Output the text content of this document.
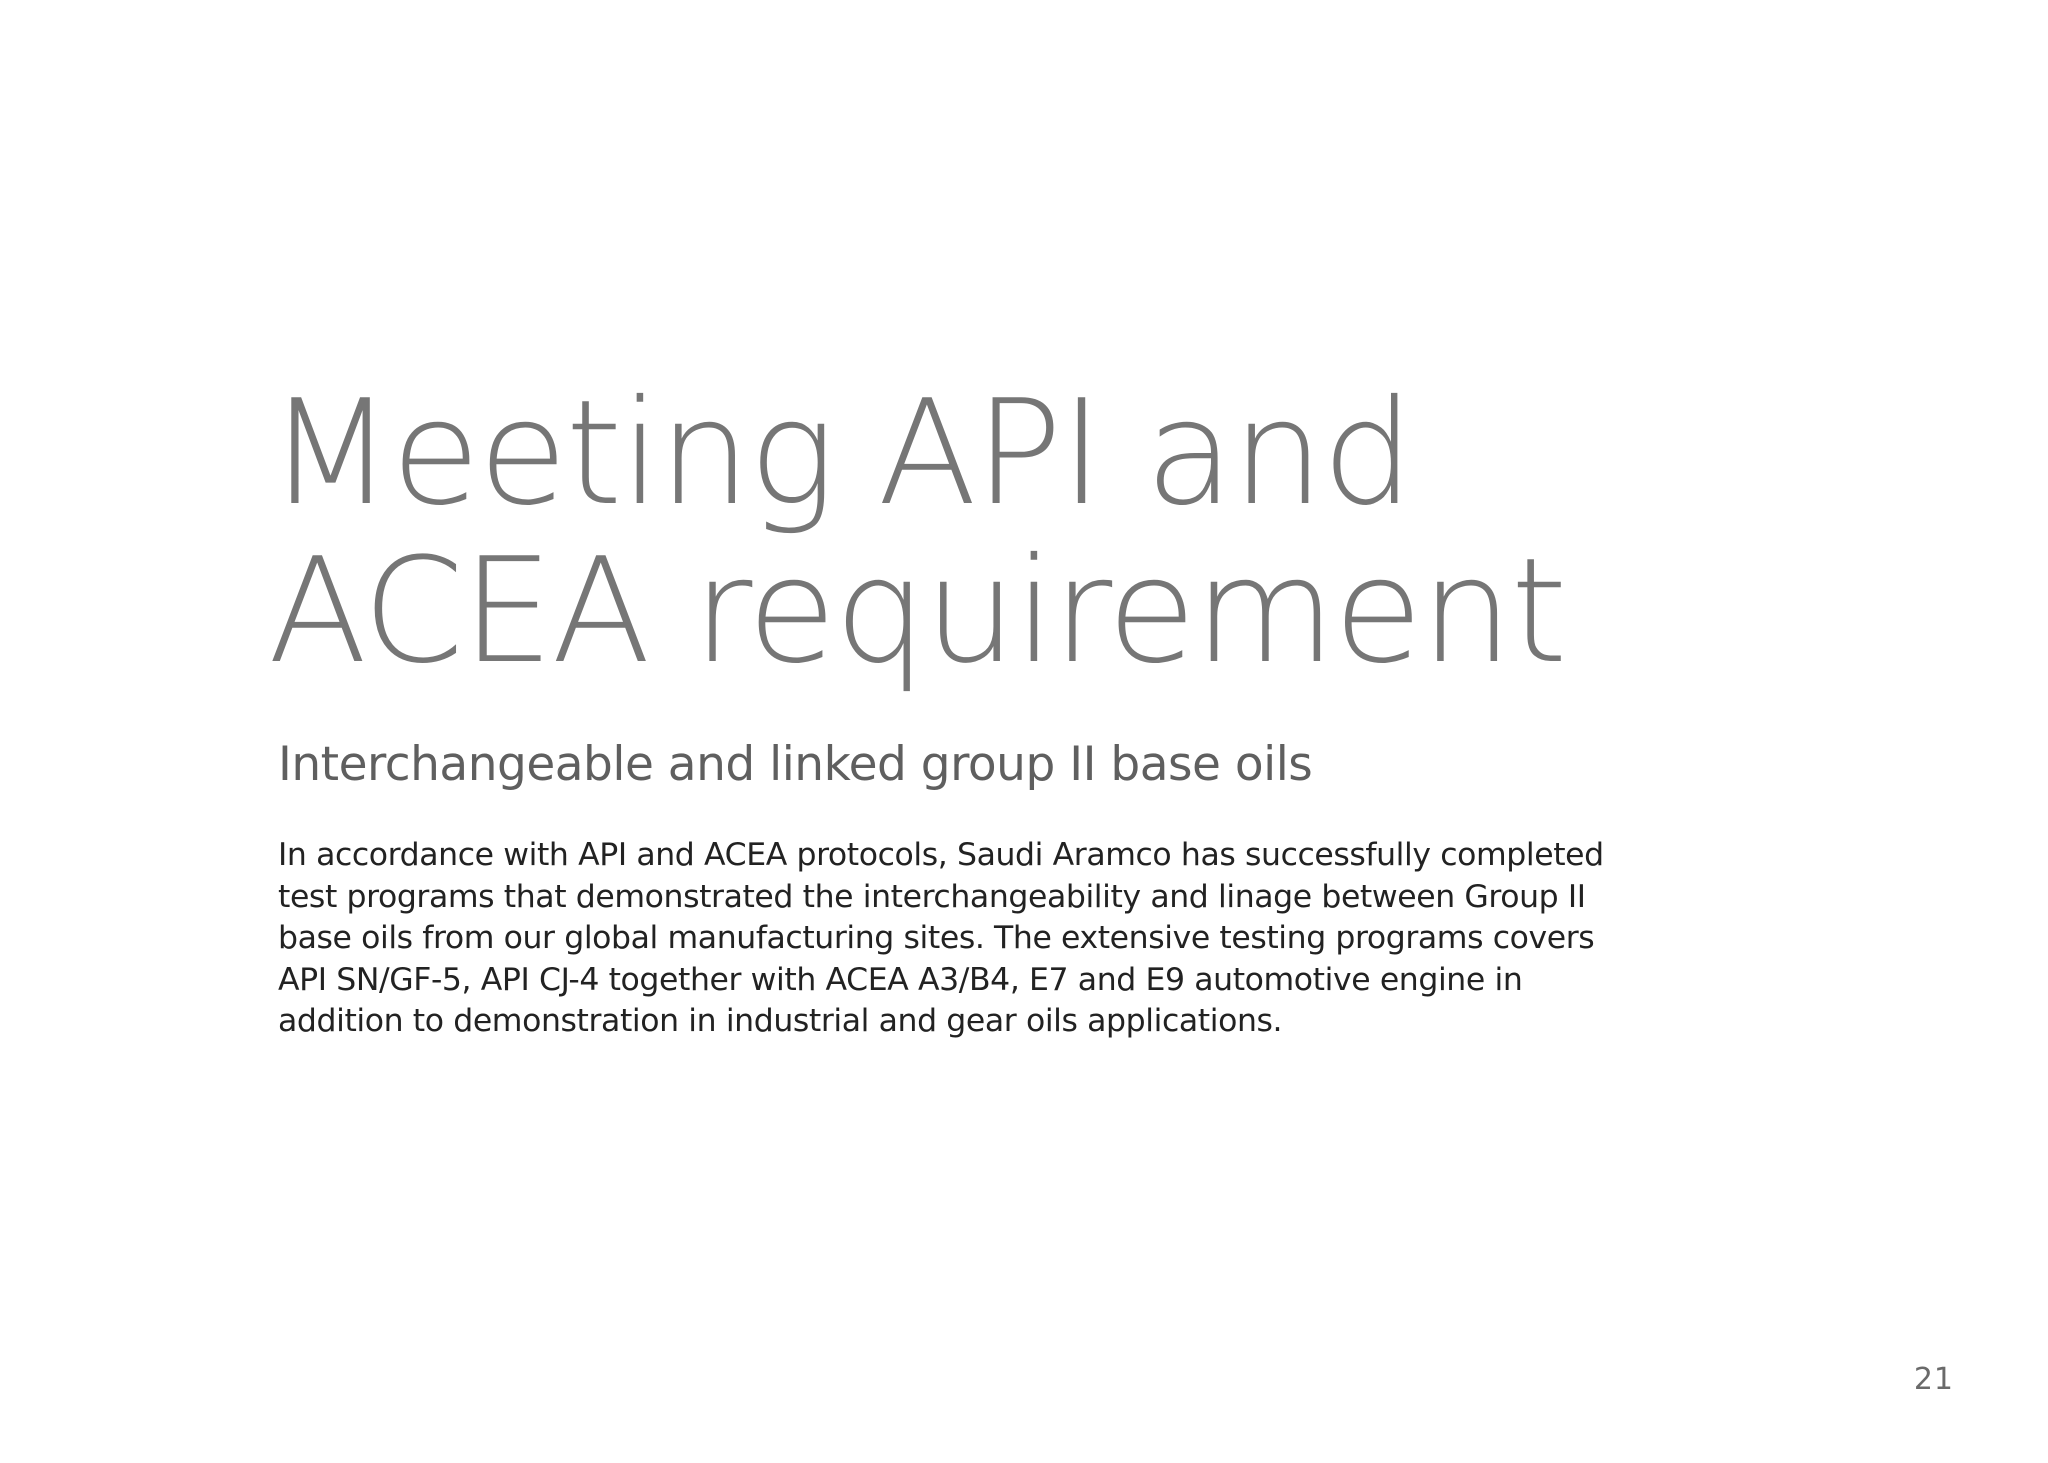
Meeting API and
ACEA requirement
Interchangeable and linked group II base oils

In accordance with API and ACEA protocols, Saudi Aramco has successfully completed
test programs that demonstrated the interchangeability and linage between Group II
base oils from our global manufacturing sites. The extensive testing programs covers
API SN/GF-5, API CJ-4 together with ACEA A3/B4, E7 and E9 automotive engine in
addition to demonstration in industrial and gear oils applications.

21
